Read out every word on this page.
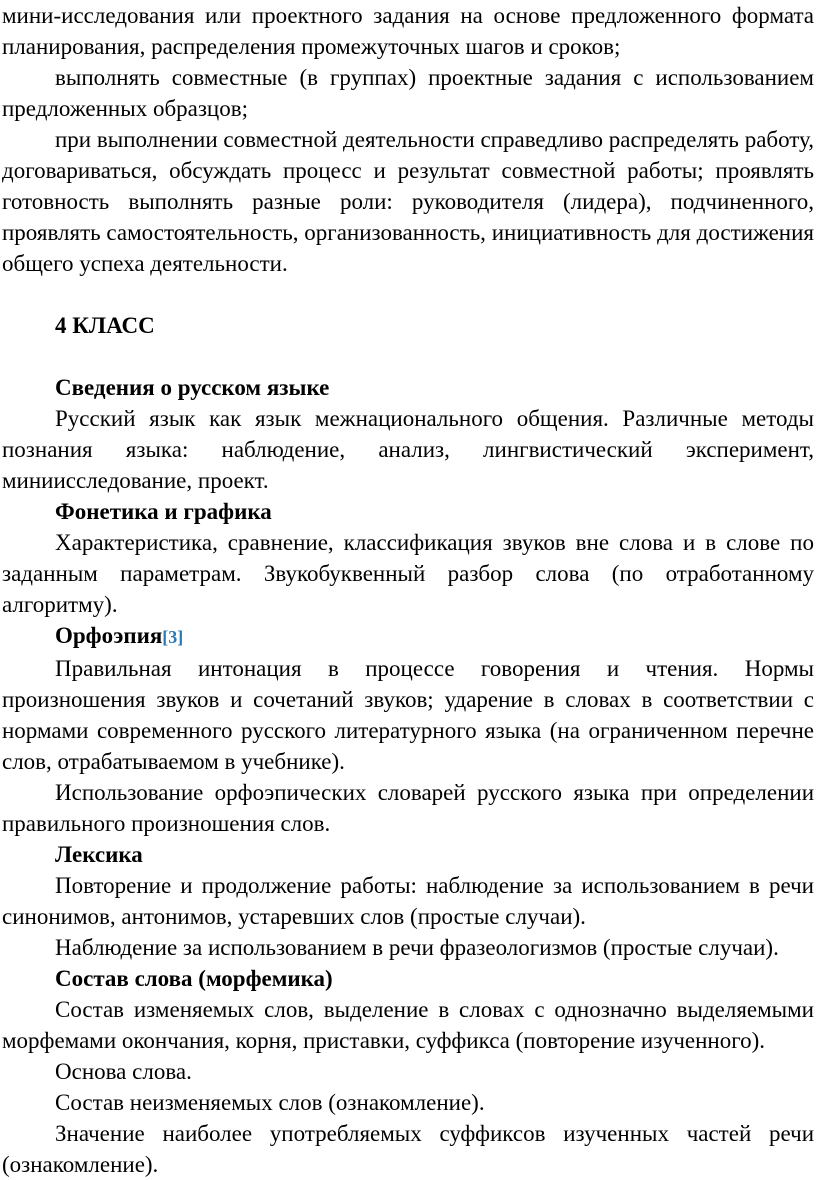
мини-исследования или проектного задания на основе предложенного формата планирования, распределения промежуточных шагов и сроков;

выполнять совместные (в группах) проектные задания с использованием предложенных образцов;

при выполнении совместной деятельности справедливо распределять работу, договариваться, обсуждать процесс и результат совместной работы; проявлять готовность выполнять разные роли: руководителя (лидера), подчиненного, проявлять самостоятельность, организованность, инициативность для достижения общего успеха деятельности.

4 КЛАСС
Сведения о русском языке

Русский язык как язык межнационального общения. Различные методы познания языка: наблюдение, анализ, лингвистический эксперимент, миниисследование, проект.

Фонетика и графика

Характеристика, сравнение, классификация звуков вне слова и в слове по заданным параметрам. Звукобуквенный разбор слова (по отработанному алгоритму).

Орфоэпия[3]

Правильная интонация в процессе говорения и чтения. Нормы произношения звуков и сочетаний звуков; ударение в словах в соответствии с нормами современного русского литературного языка (на ограниченном перечне слов, отрабатываемом в учебнике).

Использование орфоэпических словарей русского языка при определении правильного произношения слов.

Лексика

Повторение и продолжение работы: наблюдение за использованием в речи синонимов, антонимов, устаревших слов (простые случаи).

Наблюдение за использованием в речи фразеологизмов (простые случаи).

Состав слова (морфемика)

Состав изменяемых слов, выделение в словах с однозначно выделяемыми морфемами окончания, корня, приставки, суффикса (повторение изученного).

Основа слова.

Состав неизменяемых слов (ознакомление).

Значение наиболее употребляемых суффиксов изученных частей речи (ознакомление).
